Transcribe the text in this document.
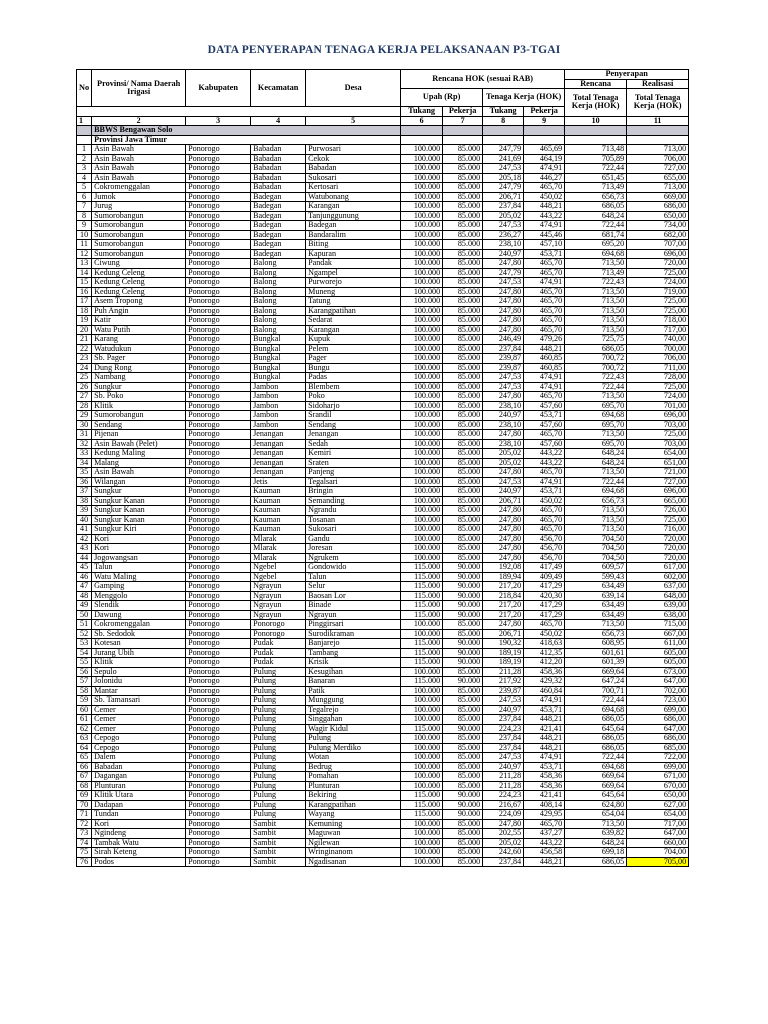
DATA PENYERAPAN TENAGA KERJA PELAKSANAAN P3-TGAI
No	Provinsi/ Nama Daerah Irigasi	Kabupaten	Kecamatan	Desa	Rencana HOK (sesuai RAB)				Penyerapan	
									Rencana	Realisasi
					Upah (Rp)		Tenaga Kerja (HOK)		Total Tenaga Kerja (HOK)	Total Tenaga Kerja (HOK)
					Tukang	Pekerja	Tukang	Pekerja		
1	2	3	4	5	6	7	8	9	10	11
	BBWS Bengawan Solo									
	Provinsi Jawa Timur									
1	Asin Bawah	Ponorogo	Babadan	Purwosari	100.000	85.000	247,79	465,69	713,48	713,00
2	Asin Bawah	Ponorogo	Babadan	Cekok	100.000	85.000	241,69	464,19	705,89	706,00
3	Asin Bawah	Ponorogo	Babadan	Babadan	100.000	85.000	247,53	474,91	722,44	727,00
4	Asin Bawah	Ponorogo	Babadan	Sukosari	100.000	85.000	205,18	446,27	651,45	655,00
5	Cokromenggalan	Ponorogo	Babadan	Kertosari	100.000	85.000	247,79	465,70	713,49	713,00
6	Jumok	Ponorogo	Badegan	Watubonang	100.000	85.000	206,71	450,02	656,73	669,00
7	Jurug	Ponorogo	Badegan	Karangan	100.000	85.000	237,84	448,21	686,05	686,00
8	Sumorobangun	Ponorogo	Badegan	Tanjunggunung	100.000	85.000	205,02	443,22	648,24	650,00
9	Sumorobangun	Ponorogo	Badegan	Badegan	100.000	85.000	247,53	474,91	722,44	734,00
10	Sumorobangun	Ponorogo	Badegan	Bandaralim	100.000	85.000	236,27	445,46	681,74	682,00
11	Sumorobangun	Ponorogo	Badegan	Biting	100.000	85.000	238,10	457,10	695,20	707,00
12	Sumorobangun	Ponorogo	Badegan	Kapuran	100.000	85.000	240,97	453,71	694,68	696,00
13	Ciwung	Ponorogo	Balong	Pandak	100.000	85.000	247,80	465,70	713,50	720,00
14	Kedung Celeng	Ponorogo	Balong	Ngampel	100.000	85.000	247,79	465,70	713,49	725,00
15	Kedung Celeng	Ponorogo	Balong	Purworejo	100.000	85.000	247,53	474,91	722,43	724,00
16	Kedung Celeng	Ponorogo	Balong	Muneng	100.000	85.000	247,80	465,70	713,50	719,00
17	Asem Tropong	Ponorogo	Balong	Tatung	100.000	85.000	247,80	465,70	713,50	725,00
18	Puh Angin	Ponorogo	Balong	Karangpatihan	100.000	85.000	247,80	465,70	713,50	725,00
19	Katir	Ponorogo	Balong	Sedarat	100.000	85.000	247,80	465,70	713,50	718,00
20	Watu Putih	Ponorogo	Balong	Karangan	100.000	85.000	247,80	465,70	713,50	717,00
21	Karang	Ponorogo	Bungkal	Kupuk	100.000	85.000	246,49	479,26	725,75	740,00
22	Watudukun	Ponorogo	Bungkal	Pelem	100.000	85.000	237,84	448,21	686,05	700,00
23	Sb. Pager	Ponorogo	Bungkal	Pager	100.000	85.000	239,87	460,85	700,72	706,00
24	Dung Rong	Ponorogo	Bungkal	Bungu	100.000	85.000	239,87	460,85	700,72	711,00
25	Nambang	Ponorogo	Bungkal	Padas	100.000	85.000	247,53	474,91	722,43	728,00
26	Sungkur	Ponorogo	Jambon	Blembem	100.000	85.000	247,53	474,91	722,44	725,00
27	Sb. Poko	Ponorogo	Jambon	Poko	100.000	85.000	247,80	465,70	713,50	724,00
28	Klitik	Ponorogo	Jambon	Sidoharjo	100.000	85.000	238,10	457,60	695,70	701,00
29	Sumorobangun	Ponorogo	Jambon	Srandil	100.000	85.000	240,97	453,71	694,68	696,00
30	Sendang	Ponorogo	Jambon	Sendang	100.000	85.000	238,10	457,60	695,70	703,00
31	Pijenan	Ponorogo	Jenangan	Jenangan	100.000	85.000	247,80	465,70	713,50	725,00
32	Asin Bawah (Pelet)	Ponorogo	Jenangan	Sedah	100.000	85.000	238,10	457,60	695,70	703,00
33	Kedung Maling	Ponorogo	Jenangan	Kemiri	100.000	85.000	205,02	443,22	648,24	654,00
34	Malang	Ponorogo	Jenangan	Sraten	100.000	85.000	205,02	443,22	648,24	651,00
35	Asin Bawah	Ponorogo	Jenangan	Panjeng	100.000	85.000	247,80	465,70	713,50	721,00
36	Wilangan	Ponorogo	Jetis	Tegalsari	100.000	85.000	247,53	474,91	722,44	727,00
37	Sungkur	Ponorogo	Kauman	Bringin	100.000	85.000	240,97	453,71	694,68	696,00
38	Sungkur Kanan	Ponorogo	Kauman	Semanding	100.000	85.000	206,71	450,02	656,73	665,00
39	Sungkur Kanan	Ponorogo	Kauman	Ngrandu	100.000	85.000	247,80	465,70	713,50	726,00
40	Sungkur Kanan	Ponorogo	Kauman	Tosanan	100.000	85.000	247,80	465,70	713,50	725,00
41	Sungkur Kiri	Ponorogo	Kauman	Sukosari	100.000	85.000	247,80	465,70	713,50	716,00
42	Kori	Ponorogo	Mlarak	Gandu	100.000	85.000	247,80	456,70	704,50	720,00
43	Kori	Ponorogo	Mlarak	Joresan	100.000	85.000	247,80	456,70	704,50	720,00
44	Jogowangsan	Ponorogo	Mlarak	Ngrukem	100.000	85.000	247,80	456,70	704,50	720,00
45	Talun	Ponorogo	Ngebel	Gondowido	115.000	90.000	192,08	417,49	609,57	617,00
46	Watu Maling	Ponorogo	Ngebel	Talun	115.000	90.000	189,94	409,49	599,43	602,00
47	Gamping	Ponorogo	Ngrayun	Selur	115.000	90.000	217,20	417,29	634,49	637,00
48	Menggolo	Ponorogo	Ngrayun	Baosan Lor	115.000	90.000	218,84	420,30	639,14	648,00
49	Slendik	Ponorogo	Ngrayun	Binade	115.000	90.000	217,20	417,29	634,49	639,00
50	Dawung	Ponorogo	Ngrayun	Ngrayun	115.000	90.000	217,20	417,29	634,49	638,00
51	Cokromenggalan	Ponorogo	Ponorogo	Pinggirsari	100.000	85.000	247,80	465,70	713,50	715,00
52	Sb. Sedodok	Ponorogo	Ponorogo	Surodikraman	100.000	85.000	206,71	450,02	656,73	667,00
53	Kotesan	Ponorogo	Pudak	Banjarejo	115.000	90.000	190,32	418,63	608,95	611,00
54	Jurang Ubih	Ponorogo	Pudak	Tambang	115.000	90.000	189,19	412,35	601,61	605,00
55	Klitik	Ponorogo	Pudak	Krisik	115.000	90.000	189,19	412,20	601,39	605,00
56	Sepulo	Ponorogo	Pulung	Kesugihan	100.000	85.000	211,28	458,36	669,64	673,00
57	Jolonidu	Ponorogo	Pulung	Banaran	115.000	90.000	217,92	429,32	647,24	647,00
58	Mantar	Ponorogo	Pulung	Patik	100.000	85.000	239,87	460,84	700,71	702,00
59	Sb. Tamansari	Ponorogo	Pulung	Munggung	100.000	85.000	247,53	474,91	722,44	723,00
60	Cemer	Ponorogo	Pulung	Tegalrejo	100.000	85.000	240,97	453,71	694,68	699,00
61	Cemer	Ponorogo	Pulung	Singgahan	100.000	85.000	237,84	448,21	686,05	686,00
62	Cemer	Ponorogo	Pulung	Wagir Kidul	115.000	90.000	224,23	421,41	645,64	647,00
63	Cepogo	Ponorogo	Pulung	Pulung	100.000	85.000	237,84	448,21	686,05	686,00
64	Cepogo	Ponorogo	Pulung	Pulung Merdiko	100.000	85.000	237,84	448,21	686,05	685,00
65	Dalem	Ponorogo	Pulung	Wotan	100.000	85.000	247,53	474,91	722,44	722,00
66	Babadan	Ponorogo	Pulung	Bedrug	100.000	85.000	240,97	453,71	694,68	699,00
67	Dagangan	Ponorogo	Pulung	Pomahan	100.000	85.000	211,28	458,36	669,64	671,00
68	Plunturan	Ponorogo	Pulung	Plunturan	100.000	85.000	211,28	458,36	669,64	670,00
69	Klitik Utara	Ponorogo	Pulung	Bekiring	115.000	90.000	224,23	421,41	645,64	650,00
70	Dadapan	Ponorogo	Pulung	Karangpatihan	115.000	90.000	216,67	408,14	624,80	627,00
71	Tundan	Ponorogo	Pulung	Wayang	115.000	90.000	224,09	429,95	654,04	654,00
72	Kori	Ponorogo	Sambit	Kemuning	100.000	85.000	247,80	465,70	713,50	717,00
73	Ngindeng	Ponorogo	Sambit	Maguwan	100.000	85.000	202,55	437,27	639,82	647,00
74	Tambak Watu	Ponorogo	Sambit	Ngilewan	100.000	85.000	205,02	443,22	648,24	660,00
75	Sirah Keteng	Ponorogo	Sambit	Wringinanom	100.000	85.000	242,60	456,58	699,18	704,00
76	Podos	Ponorogo	Sambit	Ngadisanan	100.000	85.000	237,84	448,21	686,05	705,00
